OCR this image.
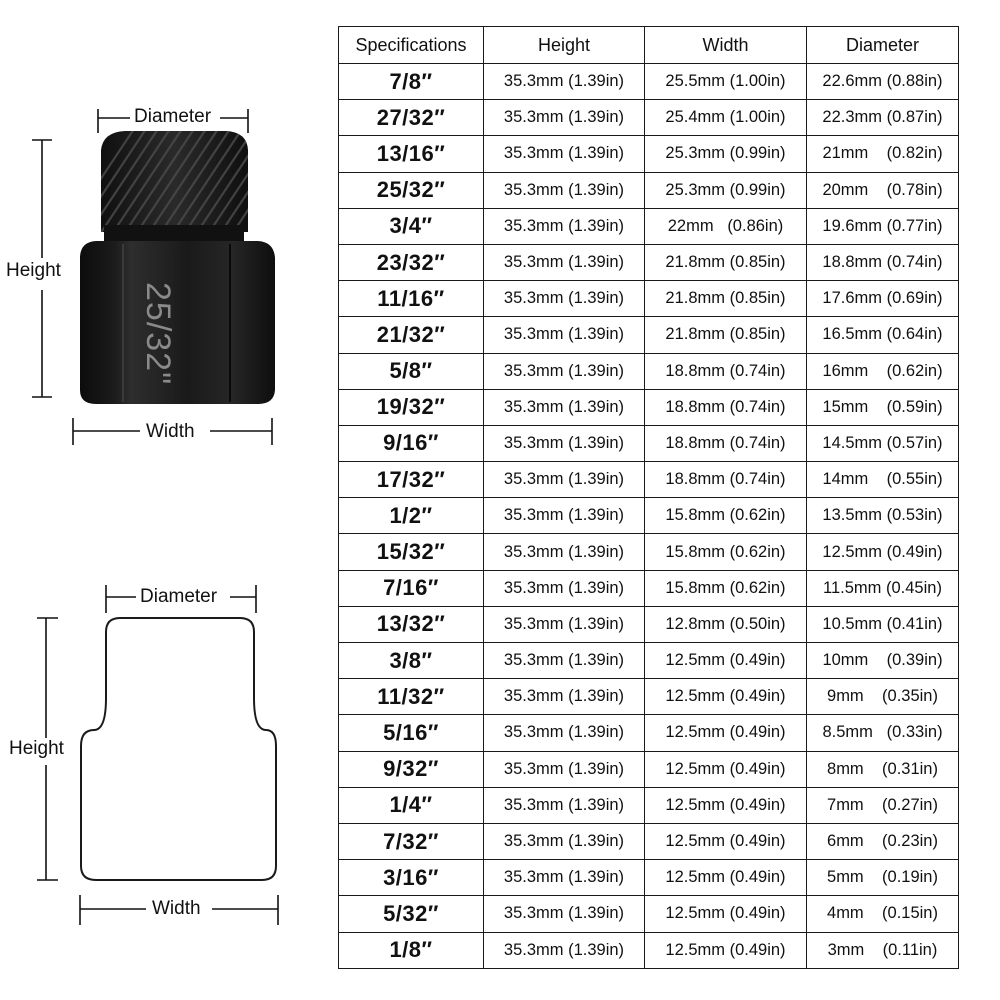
25/32"
Diameter
Height
Width
Diameter
Height
Width
Specifications	Height	Width	Diameter
7/8″	35.3mm (1.39in)	25.5mm (1.00in)	22.6mm (0.88in)
27/32″	35.3mm (1.39in)	25.4mm (1.00in)	22.3mm (0.87in)
13/16″	35.3mm (1.39in)	25.3mm (0.99in)	21mm    (0.82in)
25/32″	35.3mm (1.39in)	25.3mm (0.99in)	20mm    (0.78in)
3/4″	35.3mm (1.39in)	22mm   (0.86in)	19.6mm (0.77in)
23/32″	35.3mm (1.39in)	21.8mm (0.85in)	18.8mm (0.74in)
11/16″	35.3mm (1.39in)	21.8mm (0.85in)	17.6mm (0.69in)
21/32″	35.3mm (1.39in)	21.8mm (0.85in)	16.5mm (0.64in)
5/8″	35.3mm (1.39in)	18.8mm (0.74in)	16mm    (0.62in)
19/32″	35.3mm (1.39in)	18.8mm (0.74in)	15mm    (0.59in)
9/16″	35.3mm (1.39in)	18.8mm (0.74in)	14.5mm (0.57in)
17/32″	35.3mm (1.39in)	18.8mm (0.74in)	14mm    (0.55in)
1/2″	35.3mm (1.39in)	15.8mm (0.62in)	13.5mm (0.53in)
15/32″	35.3mm (1.39in)	15.8mm (0.62in)	12.5mm (0.49in)
7/16″	35.3mm (1.39in)	15.8mm (0.62in)	11.5mm (0.45in)
13/32″	35.3mm (1.39in)	12.8mm (0.50in)	10.5mm (0.41in)
3/8″	35.3mm (1.39in)	12.5mm (0.49in)	10mm    (0.39in)
11/32″	35.3mm (1.39in)	12.5mm (0.49in)	9mm    (0.35in)
5/16″	35.3mm (1.39in)	12.5mm (0.49in)	8.5mm   (0.33in)
9/32″	35.3mm (1.39in)	12.5mm (0.49in)	8mm    (0.31in)
1/4″	35.3mm (1.39in)	12.5mm (0.49in)	7mm    (0.27in)
7/32″	35.3mm (1.39in)	12.5mm (0.49in)	6mm    (0.23in)
3/16″	35.3mm (1.39in)	12.5mm (0.49in)	5mm    (0.19in)
5/32″	35.3mm (1.39in)	12.5mm (0.49in)	4mm    (0.15in)
1/8″	35.3mm (1.39in)	12.5mm (0.49in)	3mm    (0.11in)
